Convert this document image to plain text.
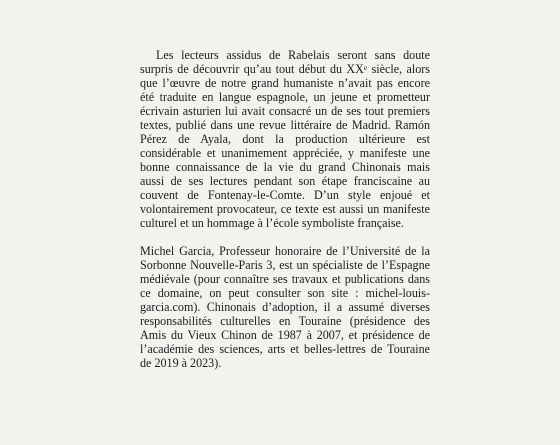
Les lecteurs assidus de Rabelais seront sans doute surpris de découvrir qu’au tout début du XXe siècle, alors que l’œuvre de notre grand humaniste n’avait pas encore été traduite en langue espagnole, un jeune et prometteur écrivain asturien lui avait consacré un de ses tout premiers textes, publié dans une revue littéraire de Madrid. Ramón Pérez de Ayala, dont la production ultérieure est considérable et unanimement appréciée, y manifeste une bonne connaissance de la vie du grand Chinonais mais aussi de ses lectures pendant son étape franciscaine au couvent de Fontenay-le-Comte. D’un style enjoué et volontairement provocateur, ce texte est aussi un manifeste culturel et un hommage à l’école symboliste française.

Michel Garcia, Professeur honoraire de l’Université de la Sorbonne Nouvelle-Paris 3, est un spécialiste de l’Espagne médiévale (pour connaître ses travaux et publications dans ce domaine, on peut consulter son site : michel-louis-garcia.com). Chinonais d’adoption, il a assumé diverses responsabilités culturelles en Touraine (présidence des Amis du Vieux Chinon de 1987 à 2007, et présidence de l’académie des sciences, arts et belles-lettres de Touraine de 2019 à 2023).
